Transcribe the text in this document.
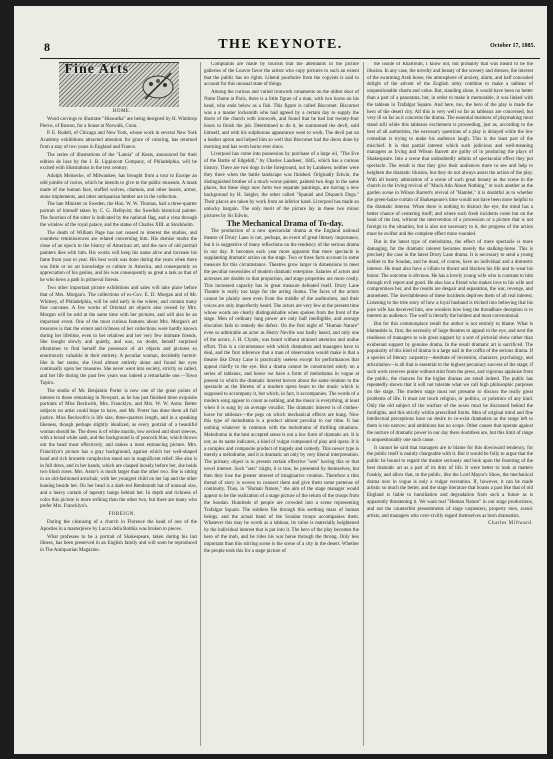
8	THE KEYNOTE.	October 17, 1885.
Fine Arts

HOME.

Wood carvings to illustrate "Hiawatha" are being designed by H. Winthrop Pierce, of Boston, for a house at Norwalk, Conn.

P. E. Rudell, of Chicago and New York, whose work in several New York Academy exhibitions attracted attention for grace of coloring, has returned from a stay of two years in England and France.

The series of illustrations of the "Lamia" of Keats, announced for their edition de luxe by the J. B. Lippincott Company, of Philadelphia, will be excited with illustrations in the text century.

Adolph Meinecke, of Milwaukee, has brought from a tour to Europe an odd jumble of curios, which he intends to give to the public museum. A mask made of the human face, stuffed wolves, chamois, and other beasts, armor, stone implements, and other antiquarian lumber are in the collection.

The late Minister to Sweden, the Hon. W. W. Thomas, had a three-quarter portrait of himself taken by C. G. Hellqvist, the Swedish historical painter. The function of the sitter is indicated by the national flag, and a vista through the window of the royal palace, and the statue of Charles XIII. at Stockholm.

The death of William Page has not ceased to interest the studios, and countless reminiscences are related concerning him. His demise marks the close of an epoch in the history of American art, and the race of old portrait painters dies with him. His works will keep his name alive and increase his fame from year to year. His best work was done during the years when there was little or no art knowledge or culture in America, and consequently so appreciation of his genius, and his was consequently as great a task as that of he who hews a path in primeval forests.

Two other important picture exhibitions and sales will take place before that of Mrs. Morgan's. The collections of ex-Gov. E. D. Morgan and of Mr. Whitney, of Philadelphia, will be sold early in the winter, and contain many fine canvases. A few works of Oriental art objects also owned by Mrs. Morgan will be sold at the same time with her pictures, and will also be an important event. One of the most curious features about Mrs. Morgan's art treasures is that the extent and richness of her collections were hardly known during her lifetime, even to her relatives and her very few intimate friends. She bought slowly and quietly, and was, no doubt, herself surprised oftentimes to find herself the possessor of art objects and pictures so enormously valuable in their entirety. A peculiar woman, decidedly hermit-like in her tastes, she lived almost entirely alone and found her eyes continually upon her treasures. She never went into society, strictly so called, and her life during the past few years was indeed a remarkable one.—Town Topics.

The studio of Mr. Benjamin Porter is now one of the great points of interest to those remaining in Newport, as he has just finished three exquisite portraits of Miss Beckwith, Mrs. Francklyn, and Mrs. W. W. Astor. Better subjects no artist could hope to have, and Mr. Porter has done them all full justice. Miss Beckwith's is life size, three-quarters length, and in a speaking likeness, though perhaps slightly idealized, as every portrait of a beautiful woman should be. The dress is of white muslin, low necked and short sleeves, with a broad white sash, and the background is of peacock blue, which throws out the head most effectively, and makes a most entrancing picture. Mrs. Francklyn's picture has a gray background, against which her well-shaped head and rich brunette complexion stand out in magnificent relief. She also is in full dress, and in her hands, which are clasped loosely before her, she holds two blush roses. Mrs. Astor's is much larger than the other two. She is sitting in an old-fashioned armchair, with her youngest child on her lap and the other leaning beside her. On her head is a dark-red Rembrandt hat of unusual size, and a heavy curtain of tapestry hangs behind her. In depth and richness of color this picture is more striking than the other two, but there are many who prefer Mrs. Francklyn's.

FOREIGN.

During the cleansing of a church in Florence the head of one of the Apostles in a masterpiece by Lucca della Robbia was broken to pieces.

What professes to be a portrait of Shakespeare, taken during his last illness, has been preserved in an English family and will soon be reproduced in The Antiquarian Magazine.

Complaints are made by tourists that the attendants in the picture galleries of the Louvre favor the artists who copy pictures to such an extent that the public has no rights. Liberal pourboire from the copyists is said to account for this unusual state of things.

Among the curious and varied ironwork ornaments on the oldest door of Notre Dame at Paris, there is a little figure of a man, with two horns on his head, who ends below as a fish. This figure is called Biscornet. Biscornet was a a master locksmith who had agreed by a certain day to supply the doors of the church with ironwork, and found that he had but twenty-four hours to finish the job. Determined to do it, he summoned the devil, sold himself, and with his sulphurous appearance went to work. The devil put on a leather apron and helped him so well that Biscornet had the doors done by morning and has worn horns ever since.

Liverpool has come into possession by purchase of a large oil, "The Eve of the Battle of Edgehill," by Charles Landseer, 1845, which has a curious history. There are two dogs in the foreground, not by Landseer, neither were they there when the battle landscape was finished. Originally Edwin, the distinguished brother of a much worse painter, painted two dogs in the same places, but these dogs now form two separate paintings, are having a new background by H. Seigler, the other called "Spaniel and Dispatch Dogs." Their places are taken by work from an inferior hand. Liverpool has made an unlucky bargain. The only merit of the picture lay in these two minor pictures by Sir Edwin.

The Mechanical Drama of To-day.

The production of a new spectacular drama at the England national theatre of Drury Lane is not, perhaps, an event of great literary importance, but it is suggestive of many reflections on the tendency of the serious drama in our day. It becomes each year more apparent that mere spectacle is supplanting dramatic action on the stage. Two or three facts account in some measure for this circumstance. Theatres grow larger in dimensions to meet the peculiar necessities of modern dramatic enterprise. Salaries of actors and actresses are double in that proportion, and stage properties are more costly. This increased capacity has in great measure defeated itself. Drury Lane Theatre is really too large for the acting drama. The faces of the actors cannot be plainly seen even from the middle of the auditorium, and their voices are only imperfectly heard. The actors are very few at the present time whose words are clearly distinguishable when spoken from the front of the stage. Men of ordinary lung power are only half intelligible, and average elocution fails to remedy the defect. On the first night of "Human Nature" even so admirable an actor as Henry Neville was badly heard, and only one of the actors, J. H. Clynds, was heard without strained attention and undue effort. This is a circumstance with which dramatists and managers have to deal, and the first inference that a man of observation would make is that a theatre like Drury Lane is practically useless except for performances that appeal chiefly to the eye. But a drama cannot be constructed solely on a series of tableaux, and hence we have a form of melodrama in vogue at present in which the dramatic interest hovers about the same relation to the spectacle as the libretto of a modern opera bears to the music which is supposed to accompany it, but which, in fact, it accompanies. The words of a modern song appear to count as nothing, and the music is everything, at least when it is sung by an average vocalist. The dramatic interest is of clothes-horse for tableaux—the pegs on which mechanical effects are hung. Now this type of melodrama is a product almost peculiar to our time. It has nothing whatever in common with the melodrama of thrilling situations. Melodrama in the best accepted sense is not a low form of dramatic art. It is not, as its name indicates, a kind of vulgar compound of play and opera. It is a complex and composite product of tragedy and comedy. This newer type is merely a mélodrame, and it is dramatic art only by very liberal interpretation. The primary object is to present certain effective "sets" having this or that novel interest. Such "sets" might, it is true, be presented by themselves, but then they lose the greater interest of imaginative creation. Therefore a thin thread of story is woven to connect them and give them some pretense of continuity. Thus, in "Human Nature," the aim of the stage manager would appear to be the realization of a stage picture of the return of the troops from the Soudan. Hundreds of people are crowded into a scene representing Trafalgar Square. The soldiers file through this seething mass of human beings, and the actual band of the Soudan troops accompanies them. Whatever this may be worth as a tableau, its value is materially heightened by the individual interest that is put into it. The hero of the play becomes the hero of the mob, and he rides his war horse through the throng. Only less important than this stirring scene is the scene of a city in the desert. Whether the people took this for a stage picture of

the inside of Khartoum, I know not, but probably that was meant to be the illusion. In any case, the novelty and beauty of the scenery and dresses, the interest of the swarming Arab horse, the atmosphere of anxiety, alarm, and half concealed delight of the advent of the English army combine to make a tableau of unquestionable charm and value. But, standing alone, it would have been no better than a part of a panorama, but, in order to make it memorable, it was linked with the tableau in Trafalgar Square. And here, too, the hero of the play is made the hero of the desert city. All this is very well so far as tableaux are concerned, but very ill so far as it concerns the drama. The essential business of playmaking must stand still while this tableaux excitement is proceeding, just as, according to the best of all authorities, the necessary questions of a play is delayed while the low comedian is trying to make his audience laugh. This is the least part of the mischief. It is that partial interest which such judicious and well-meaning managers as Irving and Wilson Barrett are guilty of in producing the plays of Shakespeare. Into a scene that undoubtedly admits of spectacular effect they put spectacle. The result is that they give their audiences more to see and help to heighten the dramatic illusion, but they do not always assist the action of the play. With all hearty admiration of a scene of such great beauty as the scene in the church in the Irving revival of "Much Ado About Nothing," or such another as the garden scene in Wilson Barrett's revival of "Hamlet," it is doubtful as to whether the green-baize curtain of Shakespeare's time would not have been more helpful to the dramatic interest. When there is nothing to distract the eye, the mind has a better chance of centering itself; and where such fresh incidents come but on the head of the last, without the intervention of a procession or a picture that is not foreign to the situation, but is also not necessary to it, the progress of the action must be swifter and the complete effect more rounded.

But in the latest type of melodrama, the effect of mere spectacle is more damaging, for the dramatic interest becomes merely the stalking-horse. This is precisely the case in the latest Drury Lane drama. It is necessary to send a young soldier to the Soudan, and he must, of course, have an individual and a domestic interest. He must also have a villain to thwart and blacken his life and to wear his honor. The outcome is obvious. He has a lovely young wife who is constant to him through evil report and good. He also has a friend who makes love to his wife and compromises her, and the results are despair and separation, the war, revenge, and atonement. The inevitableness of these incidents deprives them of all real interest. Listening to the trite story of how a loyal husband is tricked into believing that his pure wife has deceived him, one wonders how long the threadbare deception is to interest an audience. The wolf is literally the boldest and most conventional.

But for this commonplace result the author is not entirely to blame. What is blameable is, first, the necessity of large theatres to appeal to the eye, and next the readiness of managers to win great support by a sort of pictorial show rather than exuberant support by genuine drama. In the result dramatic art is sacrificed. The popularity of this kind of drama is a large nail in the coffin of the serious drama. If a species of literary carpentry—destitute of invention, character, psychology, and articulation—is all that is essential to the highest pecuniary success of the stage; if such work receives praise without stint from the press, and vigorous applause from the public, the chances for the higher dramas are small indeed. The public has repeatedly shown that it will not tolerate what we call high philosophic purposes on the stage. The modern stage must not presume to discuss the really great problems of life. It must not touch religion, or politics, or polemics of any kind. Only the old subject of the warfare of the sexes must be discussed behind the footlights, and this strictly within prescribed limits. Men of original mind and fine intellectual perceptions have no desire to co-exist dramatists as the range left to them is too narrow; and ambitions has no scope. Other causes that operate against the nurture of dramatic power in our day there doubtless are, but this limit of range is unquestionably one such cause.

It cannot be said that managers are to blame for this downward tendency, for the public itself is mainly chargeable with it. But it would be folly to argue that the public be bound to regard the theatre seriously and look upon the fostering of the best dramatic art as a part of its duty of life. It were better to look at matters frankly, and allow that, to the public, like the Lord Mayor's Show, the mechanical drama now in vogue is only a vulgar recreation. If, however, it can be made artistic so much the better, and the stage literature that boasts a past like that of old England is liable to humiliation and degradation from such a future as is apparently threatening it. We want real "Human Nature" in our stage productions, and not the counterfeit presentments of stage carpenters, property men, scenic artists, and managers who over-civilly regard themselves as born dramatists.

Charles Millward.
